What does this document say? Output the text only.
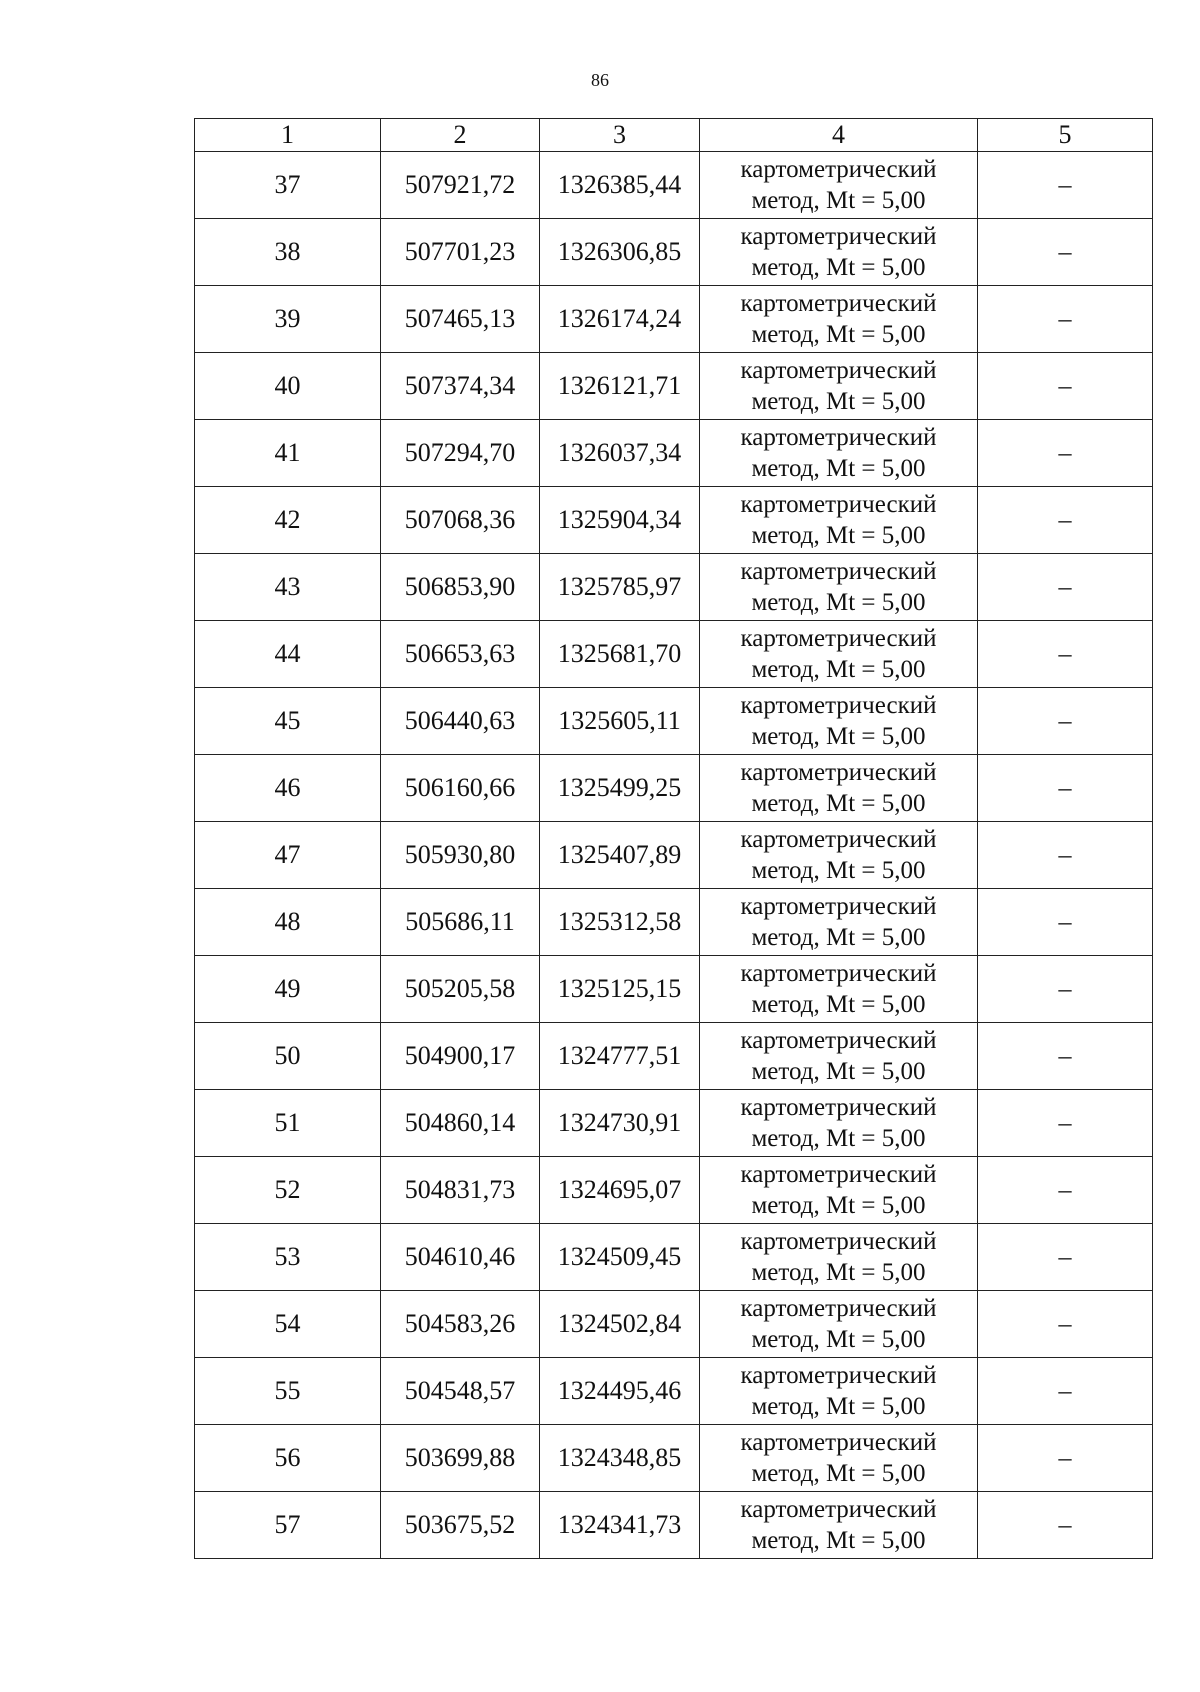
86
1	2	3	4	5
37	507921,72	1326385,44	картометрический
метод, Mt = 5,00	–
38	507701,23	1326306,85	картометрический
метод, Mt = 5,00	–
39	507465,13	1326174,24	картометрический
метод, Mt = 5,00	–
40	507374,34	1326121,71	картометрический
метод, Mt = 5,00	–
41	507294,70	1326037,34	картометрический
метод, Mt = 5,00	–
42	507068,36	1325904,34	картометрический
метод, Mt = 5,00	–
43	506853,90	1325785,97	картометрический
метод, Mt = 5,00	–
44	506653,63	1325681,70	картометрический
метод, Mt = 5,00	–
45	506440,63	1325605,11	картометрический
метод, Mt = 5,00	–
46	506160,66	1325499,25	картометрический
метод, Mt = 5,00	–
47	505930,80	1325407,89	картометрический
метод, Mt = 5,00	–
48	505686,11	1325312,58	картометрический
метод, Mt = 5,00	–
49	505205,58	1325125,15	картометрический
метод, Mt = 5,00	–
50	504900,17	1324777,51	картометрический
метод, Mt = 5,00	–
51	504860,14	1324730,91	картометрический
метод, Mt = 5,00	–
52	504831,73	1324695,07	картометрический
метод, Mt = 5,00	–
53	504610,46	1324509,45	картометрический
метод, Mt = 5,00	–
54	504583,26	1324502,84	картометрический
метод, Mt = 5,00	–
55	504548,57	1324495,46	картометрический
метод, Mt = 5,00	–
56	503699,88	1324348,85	картометрический
метод, Mt = 5,00	–
57	503675,52	1324341,73	картометрический
метод, Mt = 5,00	–
